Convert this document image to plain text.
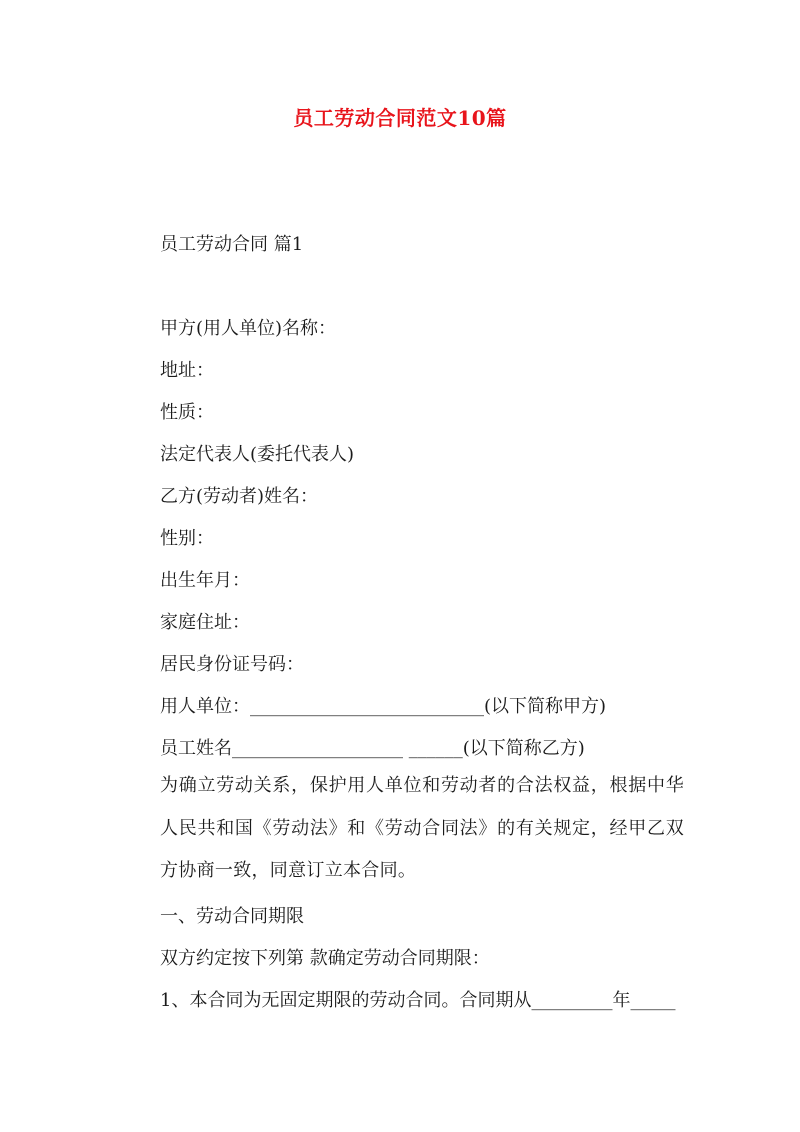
员工劳动合同范文10篇
员工劳动合同 篇1
甲方(用人单位)名称：
地址：
性质：
法定代表人(委托代表人)
乙方(劳动者)姓名：
性别：
出生年月：
家庭住址：
居民身份证号码：
用人单位：__________________________(以下简称甲方)
员工姓名___________________ ______(以下简称乙方)
为确立劳动关系，保护用人单位和劳动者的合法权益，根据中华人民共和国《劳动法》和《劳动合同法》的有关规定，经甲乙双方协商一致，同意订立本合同。
一、劳动合同期限
双方约定按下列第 款确定劳动合同期限：
1、本合同为无固定期限的劳动合同。合同期从_________年_____
